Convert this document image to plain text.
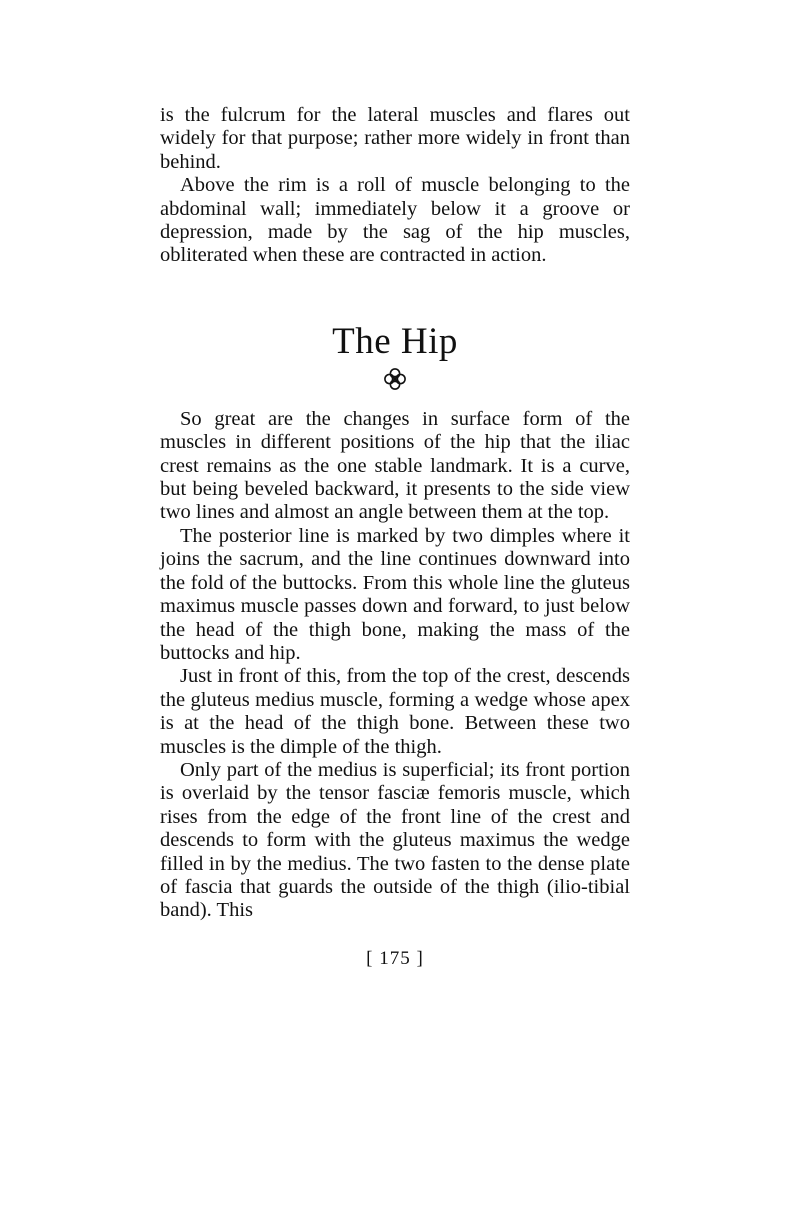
is the fulcrum for the lateral muscles and flares out widely for that purpose; rather more widely in front than behind.

Above the rim is a roll of muscle belonging to the abdominal wall; immediately below it a groove or depression, made by the sag of the hip muscles, obliterated when these are contracted in action.

The Hip

So great are the changes in surface form of the muscles in different positions of the hip that the iliac crest remains as the one stable landmark. It is a curve, but being beveled backward, it presents to the side view two lines and almost an angle between them at the top.

The posterior line is marked by two dimples where it joins the sacrum, and the line continues downward into the fold of the buttocks. From this whole line the gluteus maximus muscle passes down and forward, to just below the head of the thigh bone, making the mass of the buttocks and hip.

Just in front of this, from the top of the crest, descends the gluteus medius muscle, forming a wedge whose apex is at the head of the thigh bone. Between these two muscles is the dimple of the thigh.

Only part of the medius is superficial; its front portion is overlaid by the tensor fasciæ femoris muscle, which rises from the edge of the front line of the crest and descends to form with the gluteus maximus the wedge filled in by the medius. The two fasten to the dense plate of fascia that guards the outside of the thigh (ilio-tibial band). This

[ 175 ]
